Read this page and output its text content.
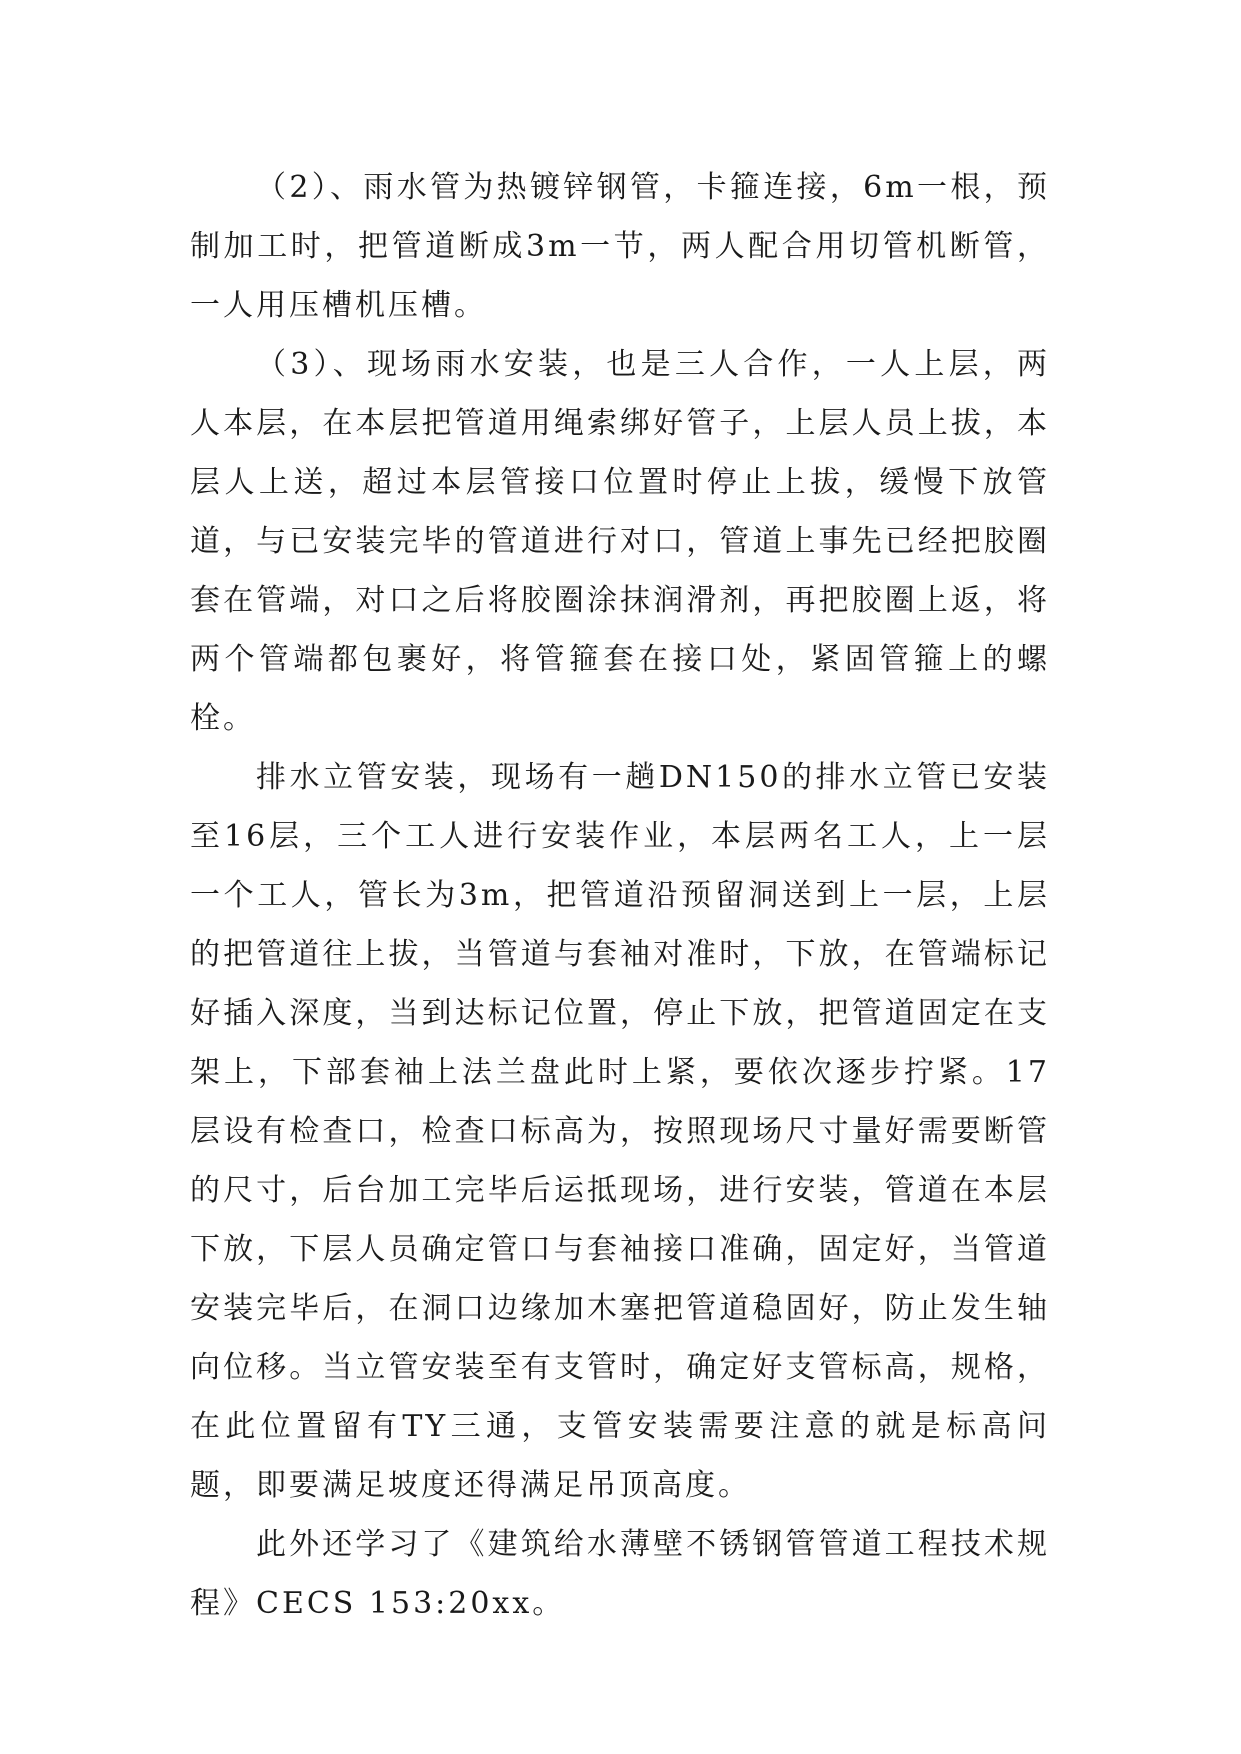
（2）、雨水管为热镀锌钢管，卡箍连接，6m一根，预制加工时，把管道断成3m一节，两人配合用切管机断管，一人用压槽机压槽。

（3）、现场雨水安装，也是三人合作，一人上层，两人本层，在本层把管道用绳索绑好管子，上层人员上拔，本层人上送，超过本层管接口位置时停止上拔，缓慢下放管道，与已安装完毕的管道进行对口，管道上事先已经把胶圈套在管端，对口之后将胶圈涂抹润滑剂，再把胶圈上返，将两个管端都包裹好，将管箍套在接口处，紧固管箍上的螺栓。

排水立管安装，现场有一趟DN150的排水立管已安装至16层，三个工人进行安装作业，本层两名工人，上一层一个工人，管长为3m，把管道沿预留洞送到上一层，上层的把管道往上拔，当管道与套袖对准时，下放，在管端标记好插入深度，当到达标记位置，停止下放，把管道固定在支架上，下部套袖上法兰盘此时上紧，要依次逐步拧紧。17层设有检查口，检查口标高为，按照现场尺寸量好需要断管的尺寸，后台加工完毕后运抵现场，进行安装，管道在本层下放，下层人员确定管口与套袖接口准确，固定好，当管道安装完毕后，在洞口边缘加木塞把管道稳固好，防止发生轴向位移。当立管安装至有支管时，确定好支管标高，规格，在此位置留有TY三通，支管安装需要注意的就是标高问题，即要满足坡度还得满足吊顶高度。

此外还学习了《建筑给水薄壁不锈钢管管道工程技术规程》CECS 153:20xx。
